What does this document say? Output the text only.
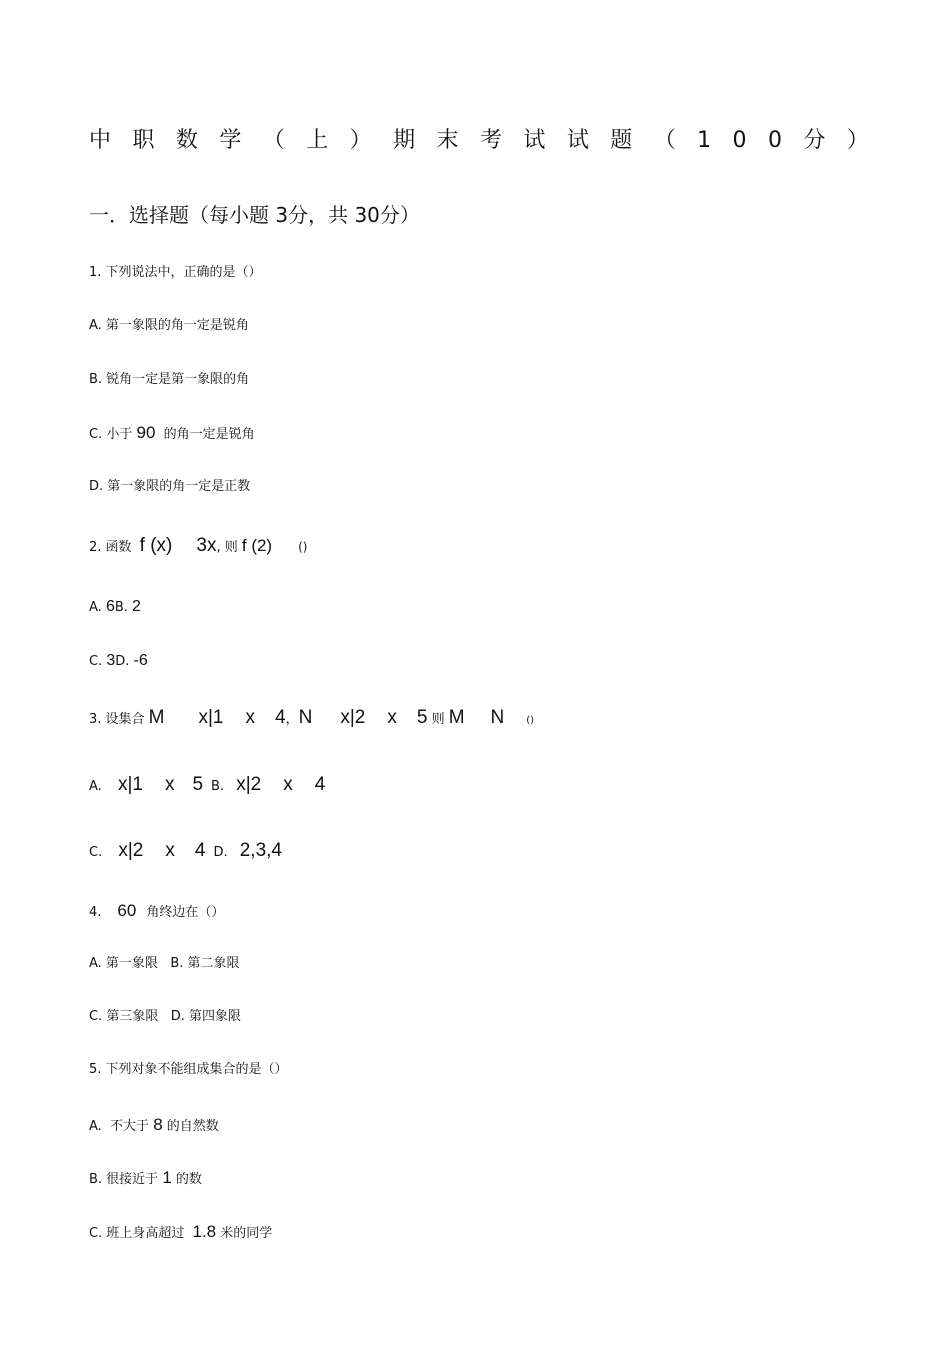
中 职 数 学 （ 上 ） 期 末 考 试 试 题 （ 1 0 0 分 ）
一．选择题（每小题 3分，共 30分）
1. 下列说法中，正确的是（）
A. 第一象限的角一定是锐角
B. 锐角一定是第一象限的角
C. 小于 90  的角一定是锐角
D. 第一象限的角一定是正教
2. 函数 f (x) 3x, 则 f (2) ()
A. 6B. 2
C. 3D. -6
3. 设集合 M x|1 x 4，N x|2 x 5 则 M N ()
A. x|1 x 5 B. x|2 x 4
C. x|2 x 4 D. 2,3,4
4. 60 角终边在（）
A. 第一象限   B. 第二象限
C. 第三象限   D. 第四象限
5. 下列对象不能组成集合的是（）
A.  不大于 8 的自然数
B. 很接近于 1 的数
C. 班上身高超过 1.8 米的同学
